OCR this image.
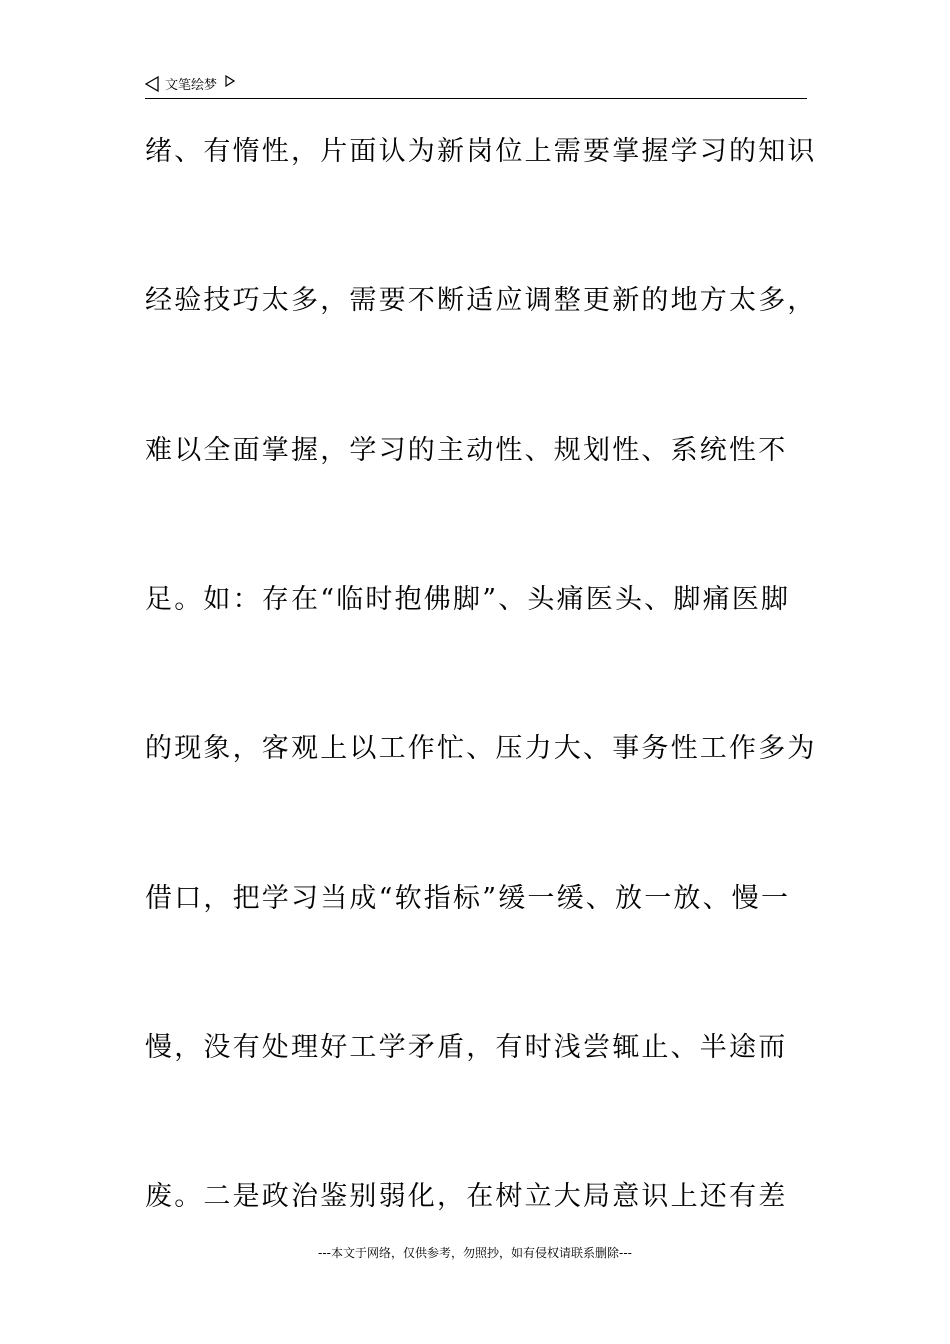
文笔绘梦
绪、有惰性，片面认为新岗位上需要掌握学习的知识
经验技巧太多，需要不断适应调整更新的地方太多，
难以全面掌握，学习的主动性、规划性、系统性不
足。如：存在“临时抱佛脚”、头痛医头、脚痛医脚
的现象，客观上以工作忙、压力大、事务性工作多为
借口，把学习当成“软指标”缓一缓、放一放、慢一
慢，没有处理好工学矛盾，有时浅尝辄止、半途而
废。二是政治鉴别弱化，在树立大局意识上还有差
---本文于网络，仅供参考，勿照抄，如有侵权请联系删除---
